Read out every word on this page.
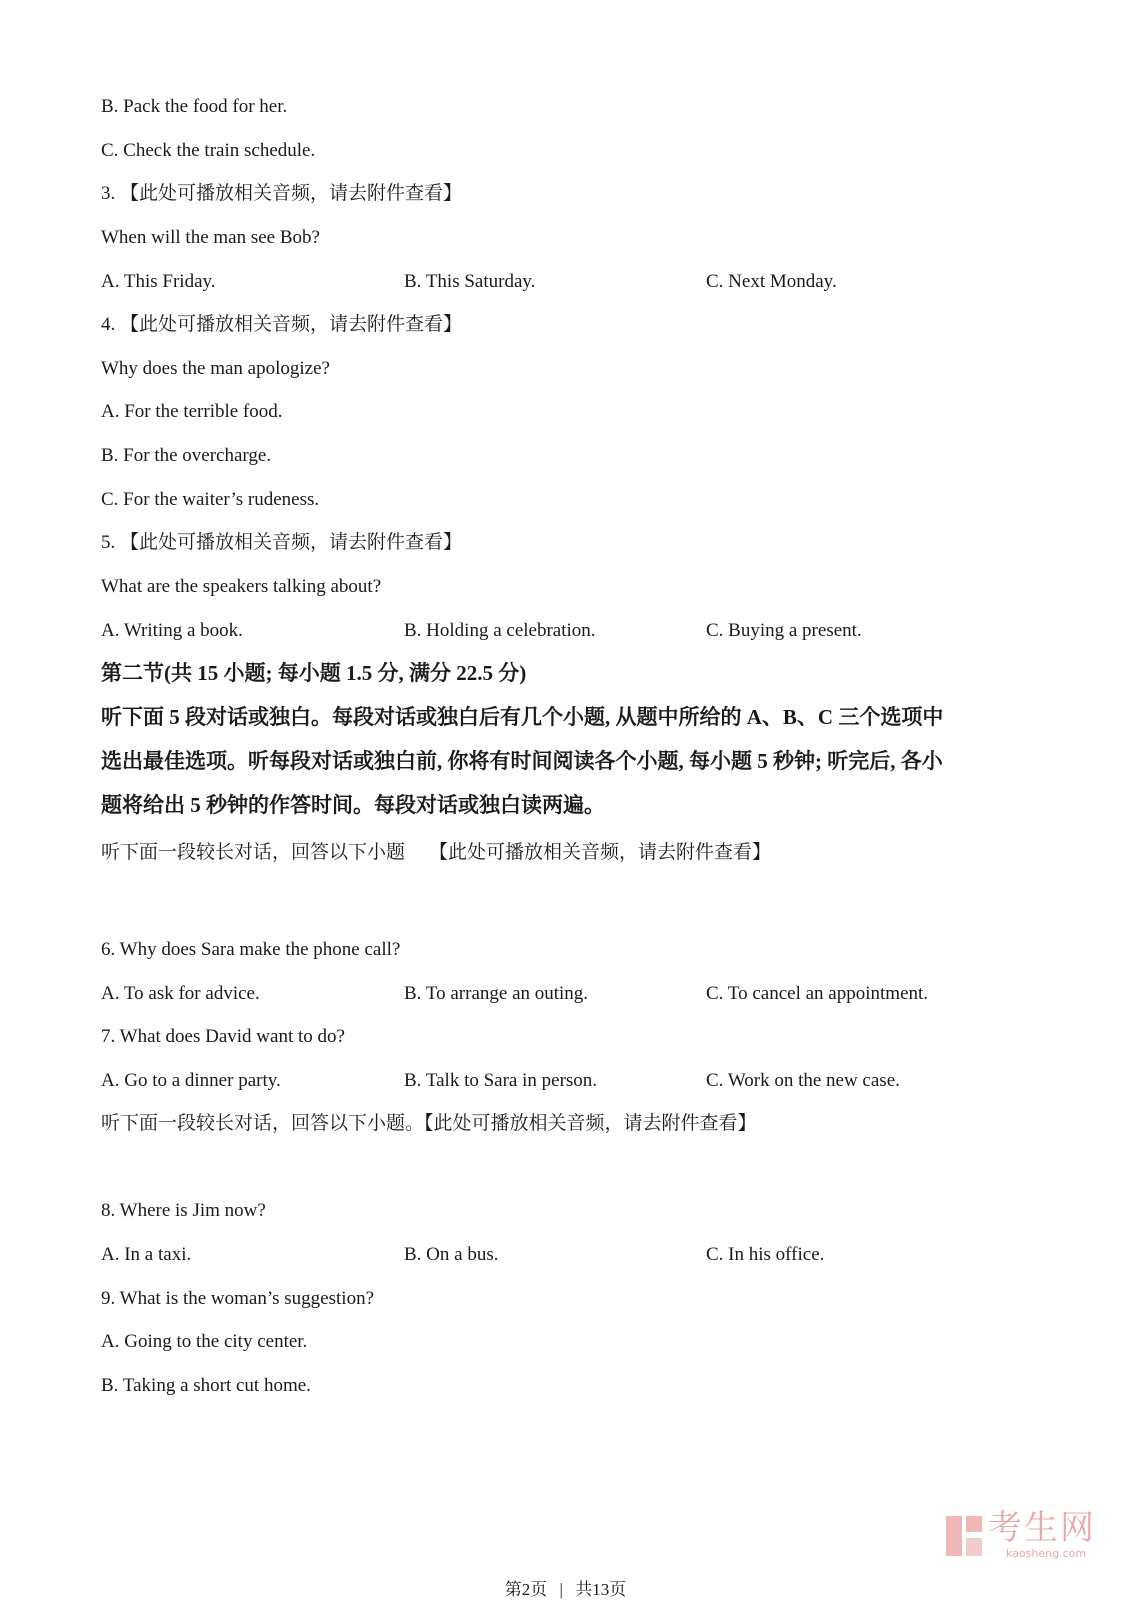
B. Pack the food for her.
C. Check the train schedule.
3. 【此处可播放相关音频，请去附件查看】
When will the man see Bob?
A. This Friday.	B. This Saturday.	C. Next Monday.
4. 【此处可播放相关音频，请去附件查看】
Why does the man apologize?
A. For the terrible food.
B. For the overcharge.
C. For the waiter’s rudeness.
5. 【此处可播放相关音频，请去附件查看】
What are the speakers talking about?
A. Writing a book.	B. Holding a celebration.	C. Buying a present.
第二节(共 15 小题; 每小题 1.5 分, 满分 22.5 分)
听下面 5 段对话或独白。每段对话或独白后有几个小题, 从题中所给的 A、B、C 三个选项中
选出最佳选项。听每段对话或独白前, 你将有时间阅读各个小题, 每小题 5 秒钟; 听完后, 各小
题将给出 5 秒钟的作答时间。每段对话或独白读两遍。
听下面一段较长对话，回答以下小题 【此处可播放相关音频，请去附件查看】
6. Why does Sara make the phone call?
A. To ask for advice.	B. To arrange an outing.	C. To cancel an appointment.
7. What does David want to do?
A. Go to a dinner party.	B. Talk to Sara in person.	C. Work on the new case.
听下面一段较长对话，回答以下小题。【此处可播放相关音频，请去附件查看】
8. Where is Jim now?
A. In a taxi.	B. On a bus.	C. In his office.
9. What is the woman’s suggestion?
A. Going to the city center.
B. Taking a short cut home.
考生网
kaosheng.com
第2页 | 共13页
